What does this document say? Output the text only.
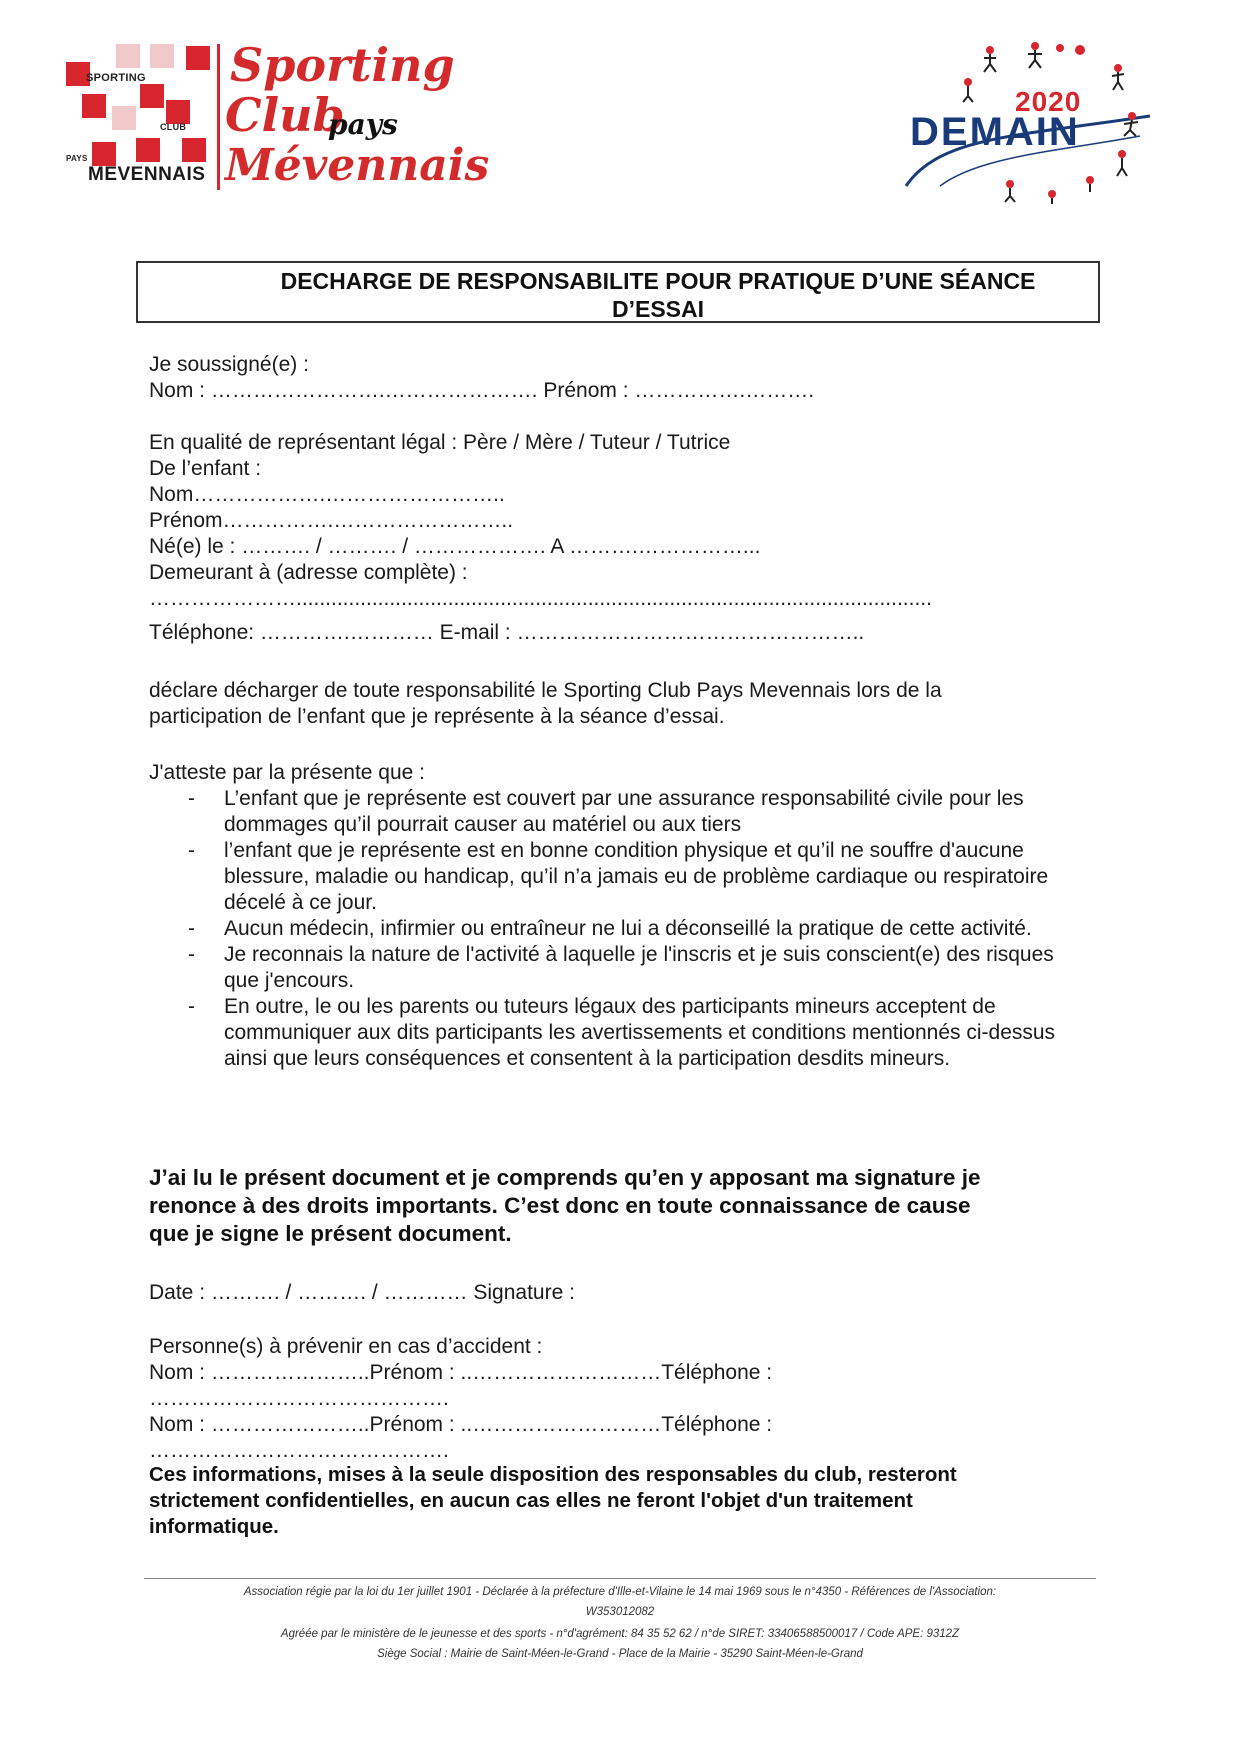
SPORTING
CLUB
PAYS
MEVENNAIS
Sporting
Club
pays
Mévennais
2020
DEMAIN
DECHARGE DE RESPONSABILITE POUR PRATIQUE D’UNE SÉANCE D’ESSAI
Je soussigné(e) :
Nom : …………………….…………………. Prénom : …………….……….
En qualité de représentant légal : Père / Mère / Tuteur / Tutrice
De l’enfant :
Nom……………….……………………..
Prénom…………….……………………..
Né(e) le : ………. / ………. / ………………. A ……….……………...
Demeurant à (adresse complète) :
………………….............................................................................................................
Téléphone: ………….………… E-mail : …………………………………………..
déclare décharger de toute responsabilité le Sporting Club Pays Mevennais lors de la
participation de l’enfant que je représente à la séance d’essai.
J'atteste par la présente que :
- L’enfant que je représente est couvert par une assurance responsabilité civile pour les dommages qu’il pourrait causer au matériel ou aux tiers
- l’enfant que je représente est en bonne condition physique et qu’il ne souffre d'aucune blessure, maladie ou handicap, qu’il n’a jamais eu de problème cardiaque ou respiratoire décelé à ce jour.
- Aucun médecin, infirmier ou entraîneur ne lui a déconseillé la pratique de cette activité.
- Je reconnais la nature de l'activité à laquelle je l'inscris et je suis conscient(e) des risques que j'encours.
- En outre, le ou les parents ou tuteurs légaux des participants mineurs acceptent de communiquer aux dits participants les avertissements et conditions mentionnés ci-dessus ainsi que leurs conséquences et consentent à la participation desdits mineurs.
J’ai lu le présent document et je comprends qu’en y apposant ma signature je
renonce à des droits importants. C’est donc en toute connaissance de cause
que je signe le présent document.
Date : ………. / ………. / ………… Signature :
Personne(s) à prévenir en cas d’accident :
Nom : …………………..Prénom : ..………………………Téléphone :
…………………………………….
Nom : …………………..Prénom : ..………………………Téléphone :
…………………………………….
Ces informations, mises à la seule disposition des responsables du club, resteront
strictement confidentielles, en aucun cas elles ne feront l'objet d'un traitement
informatique.
Association régie par la loi du 1er juillet 1901 - Déclarée à la préfecture d'Ille-et-Vilaine le 14 mai 1969 sous le n°4350 - Références de l'Association:
W353012082
Agréée par le ministère de le jeunesse et des sports - n°d'agrément: 84 35 52 62 / n°de SIRET: 33406588500017 / Code APE: 9312Z
Siège Social : Mairie de Saint-Méen-le-Grand - Place de la Mairie - 35290 Saint-Méen-le-Grand
